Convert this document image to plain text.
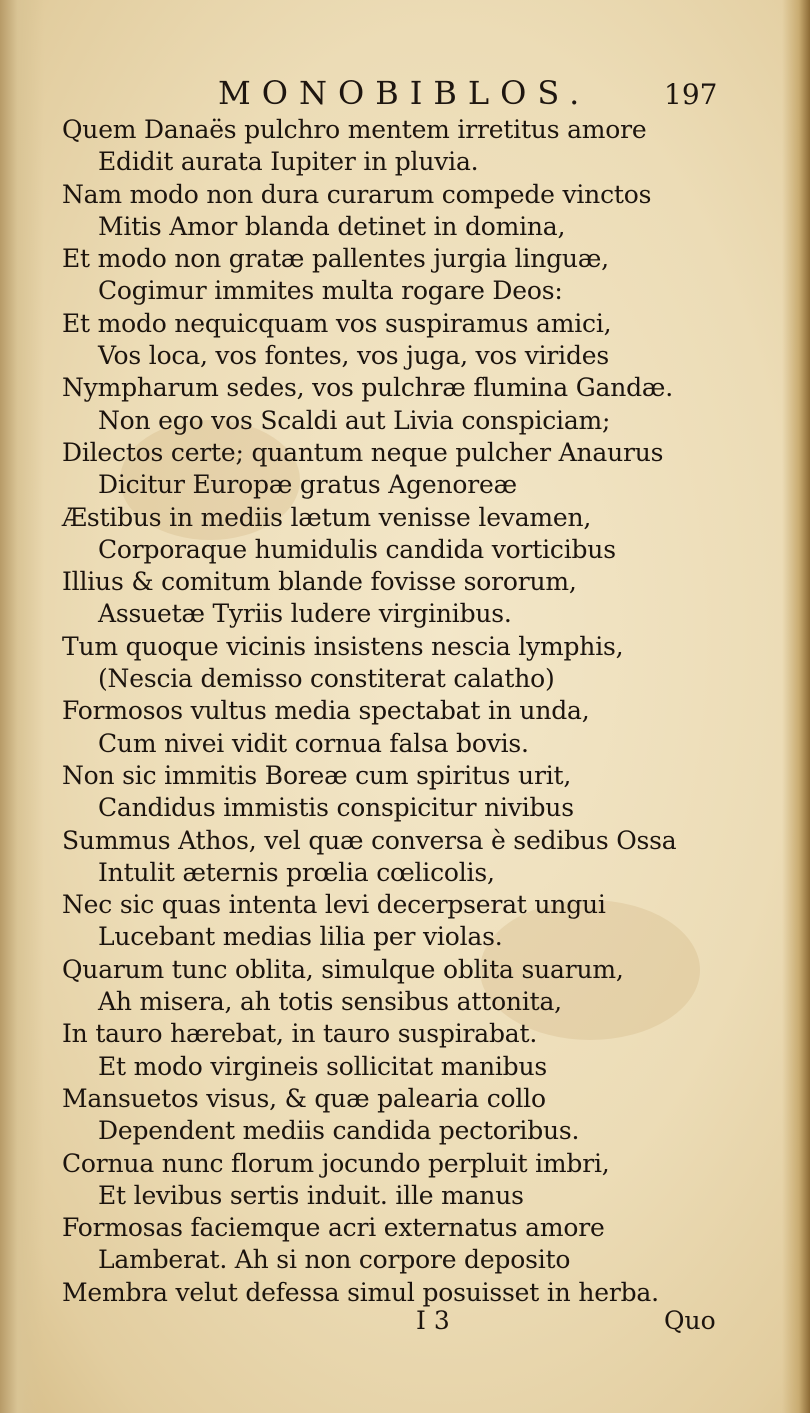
MONOBIBLOS.	197
Quem Danaës pulchro mentem irretitus amore
Edidit aurata Iupiter in pluvia.
Nam modo non dura curarum compede vinctos
Mitis Amor blanda detinet in domina,
Et modo non gratæ pallentes jurgia linguæ,
Cogimur immites multa rogare Deos:
Et modo nequicquam vos suspiramus amici,
Vos loca, vos fontes, vos juga, vos virides
Nympharum sedes, vos pulchræ flumina Gandæ.
Non ego vos Scaldi aut Livia conspiciam;
Dilectos certe; quantum neque pulcher Anaurus
Dicitur Europæ gratus Agenoreæ
Æstibus in mediis lætum venisse levamen,
Corporaque humidulis candida vorticibus
Illius & comitum blande fovisse sororum,
Assuetæ Tyriis ludere virginibus.
Tum quoque vicinis insistens nescia lymphis,
(Nescia demisso constiterat calatho)
Formosos vultus media spectabat in unda,
Cum nivei vidit cornua falsa bovis.
Non sic immitis Boreæ cum spiritus urit,
Candidus immistis conspicitur nivibus
Summus Athos, vel quæ conversa è sedibus Ossa
Intulit æternis prœlia cœlicolis,
Nec sic quas intenta levi decerpserat ungui
Lucebant medias lilia per violas.
Quarum tunc oblita, simulque oblita suarum,
Ah misera, ah totis sensibus attonita,
In tauro hærebat, in tauro suspirabat.
Et modo virgineis sollicitat manibus
Mansuetos visus, & quæ palearia collo
Dependent mediis candida pectoribus.
Cornua nunc florum jocundo perpluit imbri,
Et levibus sertis induit. ille manus
Formosas faciemque acri externatus amore
Lamberat. Ah si non corpore deposito
Membra velut defessa simul posuisset in herba.
I 3	Quo
